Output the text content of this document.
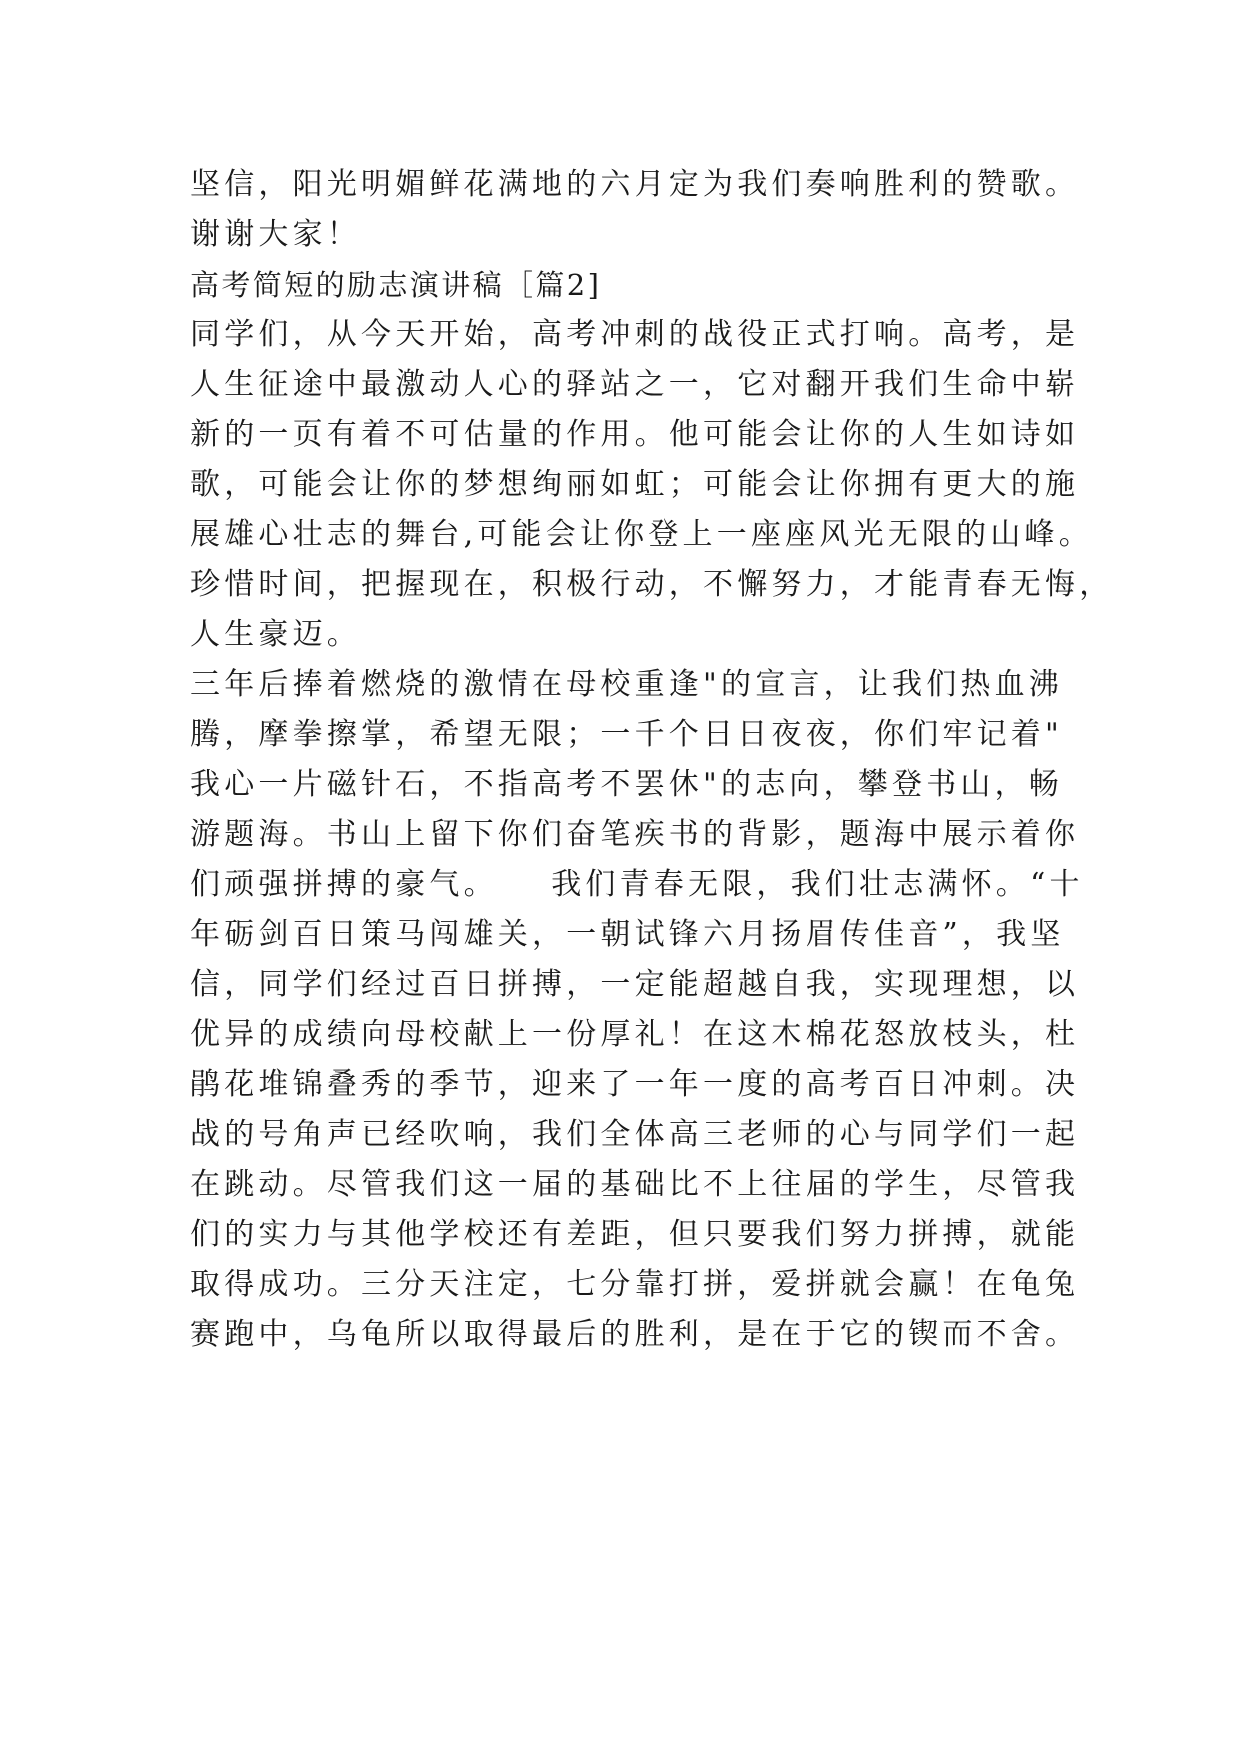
坚信，阳光明媚鲜花满地的六月定为我们奏响胜利的赞歌。
谢谢大家！
高考简短的励志演讲稿［篇2]
同学们，从今天开始，高考冲刺的战役正式打响。高考，是
人生征途中最激动人心的驿站之一，它对翻开我们生命中崭
新的一页有着不可估量的作用。他可能会让你的人生如诗如
歌，可能会让你的梦想绚丽如虹；可能会让你拥有更大的施
展雄心壮志的舞台,可能会让你登上一座座风光无限的山峰。
珍惜时间，把握现在，积极行动，不懈努力，才能青春无悔，
人生豪迈。
三年后捧着燃烧的激情在母校重逢"的宣言，让我们热血沸
腾，摩拳擦掌，希望无限；一千个日日夜夜，你们牢记着"
我心一片磁针石，不指高考不罢休"的志向，攀登书山，畅
游题海。书山上留下你们奋笔疾书的背影，题海中展示着你
们顽强拼搏的豪气。　　我们青春无限，我们壮志满怀。“十
年砺剑百日策马闯雄关，一朝试锋六月扬眉传佳音”，我坚
信，同学们经过百日拼搏，一定能超越自我，实现理想，以
优异的成绩向母校献上一份厚礼！在这木棉花怒放枝头，杜
鹃花堆锦叠秀的季节，迎来了一年一度的高考百日冲刺。决
战的号角声已经吹响，我们全体高三老师的心与同学们一起
在跳动。尽管我们这一届的基础比不上往届的学生，尽管我
们的实力与其他学校还有差距，但只要我们努力拼搏，就能
取得成功。三分天注定，七分靠打拼，爱拼就会赢！在龟兔
赛跑中，乌龟所以取得最后的胜利，是在于它的锲而不舍。
